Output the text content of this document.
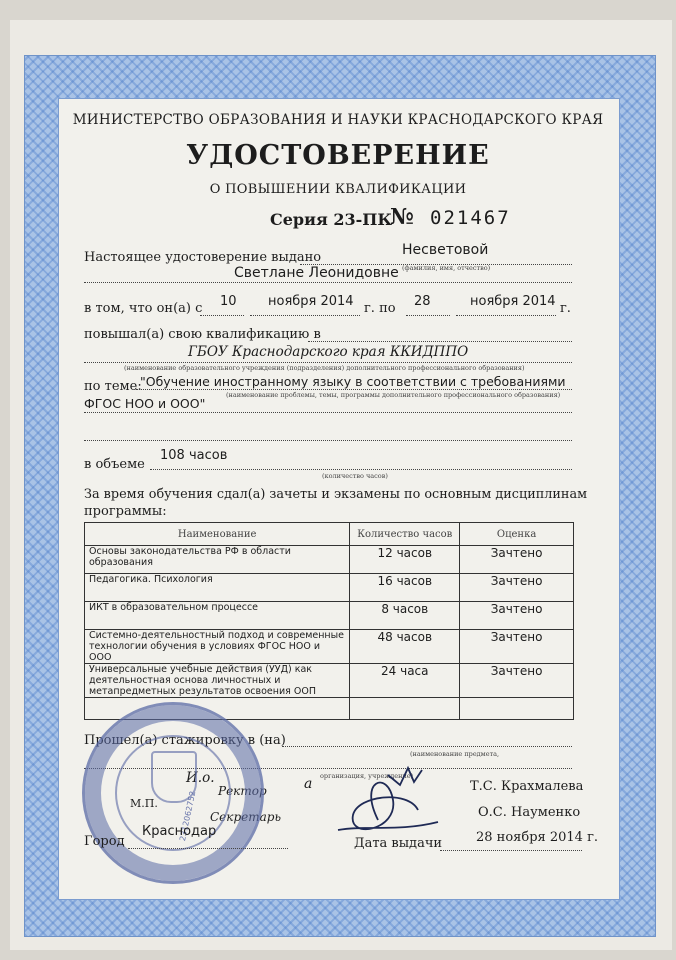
МИНИСТЕРСТВО ОБРАЗОВАНИЯ И НАУКИ КРАСНОДАРСКОГО КРАЯ
УДОСТОВЕРЕНИЕ
О ПОВЫШЕНИИ КВАЛИФИКАЦИИ
Серия 23-ПК
№ 021467
Настоящее удостоверение выдано	Несветовой
(фамилия, имя, отчество)
Светлане Леонидовне
в том, что он(а) с 10 ноября 2014 г. по 28	ноября 2014 г.
повышал(а) свою квалификацию в
ГБОУ Краснодарского края ККИДППО
(наименование образовательного учреждения (подразделения) дополнительного профессионального образования)
по теме:
"Обучение иностранному языку в соответствии с требованиями
(наименование проблемы, темы, программы дополнительного профессионального образования)
ФГОС НОО и ООО"
в объеме
108 часов
(количество часов)
За время обучения сдал(а) зачеты и экзамены по основным дисциплинам
программы:
Наименование	Количество часов	Оценка
Основы законодательства РФ в области образования	12 часов	Зачтено
Педагогика. Психология	16 часов	Зачтено
ИКТ в образовательном процессе	8 часов	Зачтено
Системно-деятельностный подход и современные технологии обучения в условиях ФГОС НОО и ООО	48 часов	Зачтено
Универсальные учебные действия (УУД) как деятельностная основа личностных и метапредметных результатов освоения ООП	24 часа	Зачтено

Прошел(а) стажировку в (на)
(наименование предмета,
организация, учреждение)
а
И.о.
Ректор	Т.С. Крахмалева
М.П.
Секретарь	О.С. Науменко
2312062752
Город
Краснодар
Дата выдачи	28 ноября 2014 г.
